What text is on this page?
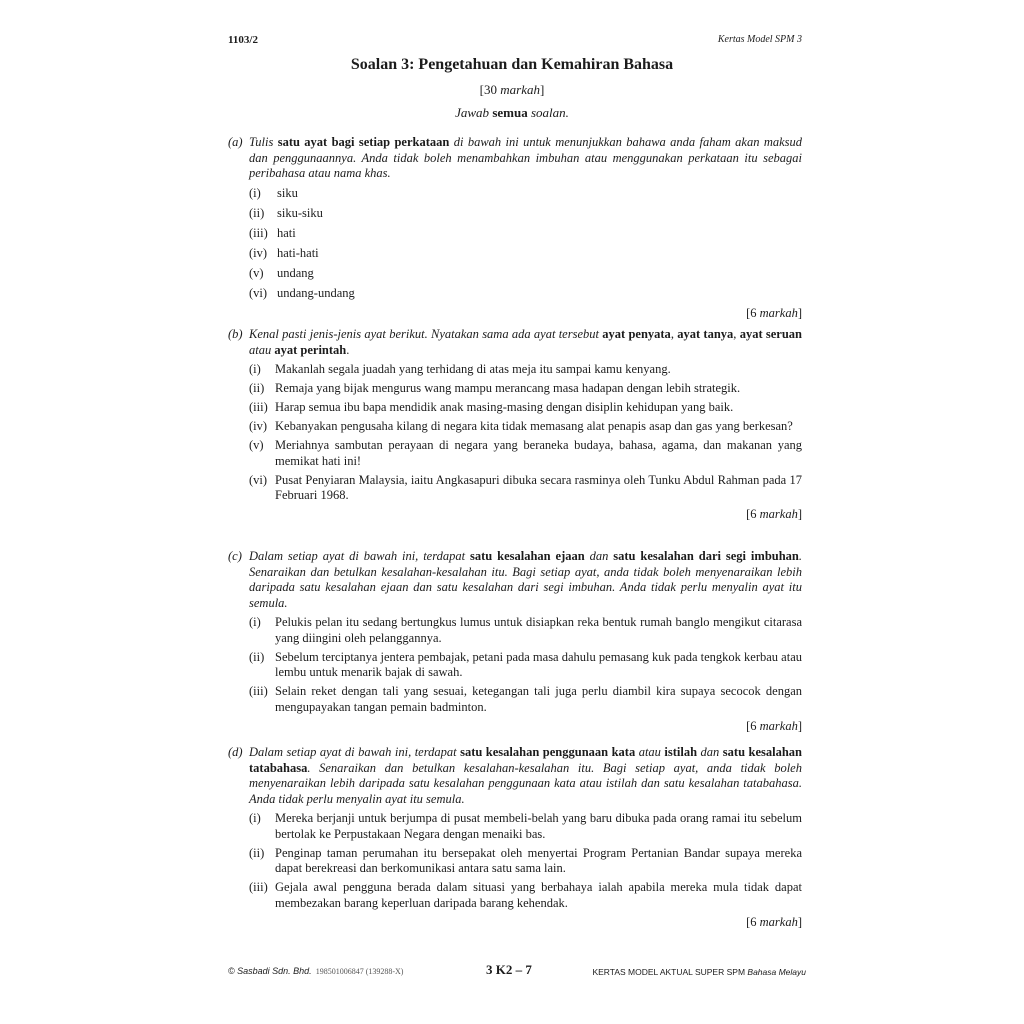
1103/2	Kertas Model SPM 3
Soalan 3: Pengetahuan dan Kemahiran Bahasa
[30 markah]
Jawab semua soalan.
(a) Tulis satu ayat bagi setiap perkataan di bawah ini untuk menunjukkan bahawa anda faham akan maksud dan penggunaannya. Anda tidak boleh menambahkan imbuhan atau menggunakan perkataan itu sebagai peribahasa atau nama khas.
(i)	siku
(ii)	siku-siku
(iii) hati
(iv) hati-hati
(v)	undang
(vi) undang-undang
[6 markah]
(b) Kenal pasti jenis-jenis ayat berikut. Nyatakan sama ada ayat tersebut ayat penyata, ayat tanya, ayat seruan atau ayat perintah.
(i)	Makanlah segala juadah yang terhidang di atas meja itu sampai kamu kenyang.
(ii) Remaja yang bijak mengurus wang mampu merancang masa hadapan dengan lebih strategik.
(iii) Harap semua ibu bapa mendidik anak masing-masing dengan disiplin kehidupan yang baik.
(iv) Kebanyakan pengusaha kilang di negara kita tidak memasang alat penapis asap dan gas yang berkesan?
(v) Meriahnya sambutan perayaan di negara yang beraneka budaya, bahasa, agama, dan makanan yang memikat hati ini!
(vi) Pusat Penyiaran Malaysia, iaitu Angkasapuri dibuka secara rasminya oleh Tunku Abdul Rahman pada 17 Februari 1968.
[6 markah]
(c) Dalam setiap ayat di bawah ini, terdapat satu kesalahan ejaan dan satu kesalahan dari segi imbuhan. Senaraikan dan betulkan kesalahan-kesalahan itu. Bagi setiap ayat, anda tidak boleh menyenaraikan lebih daripada satu kesalahan ejaan dan satu kesalahan dari segi imbuhan. Anda tidak perlu menyalin ayat itu semula.
(i)	Pelukis pelan itu sedang bertungkus lumus untuk disiapkan reka bentuk rumah banglo mengikut citarasa yang diingini oleh pelanggannya.
(ii) Sebelum terciptanya jentera pembajak, petani pada masa dahulu pemasang kuk pada tengkok kerbau atau lembu untuk menarik bajak di sawah.
(iii) Selain reket dengan tali yang sesuai, ketegangan tali juga perlu diambil kira supaya secocok dengan mengupayakan tangan pemain badminton.
[6 markah]
(d) Dalam setiap ayat di bawah ini, terdapat satu kesalahan penggunaan kata atau istilah dan satu kesalahan tatabahasa. Senaraikan dan betulkan kesalahan-kesalahan itu. Bagi setiap ayat, anda tidak boleh menyenaraikan lebih daripada satu kesalahan penggunaan kata atau istilah dan satu kesalahan tatabahasa. Anda tidak perlu menyalin ayat itu semula.
(i)	Mereka berjanji untuk berjumpa di pusat membeli-belah yang baru dibuka pada orang ramai itu sebelum bertolak ke Perpustakaan Negara dengan menaiki bas.
(ii) Penginap taman perumahan itu bersepakat oleh menyertai Program Pertanian Bandar supaya mereka dapat berekreasi dan berkomunikasi antara satu sama lain.
(iii) Gejala awal pengguna berada dalam situasi yang berbahaya ialah apabila mereka mula tidak dapat membezakan barang keperluan daripada barang kehendak.
[6 markah]
© Sasbadi Sdn. Bhd. 198501006847 (139288-X)	3 K2 – 7	KERTAS MODEL AKTUAL SUPER SPM Bahasa Melayu
